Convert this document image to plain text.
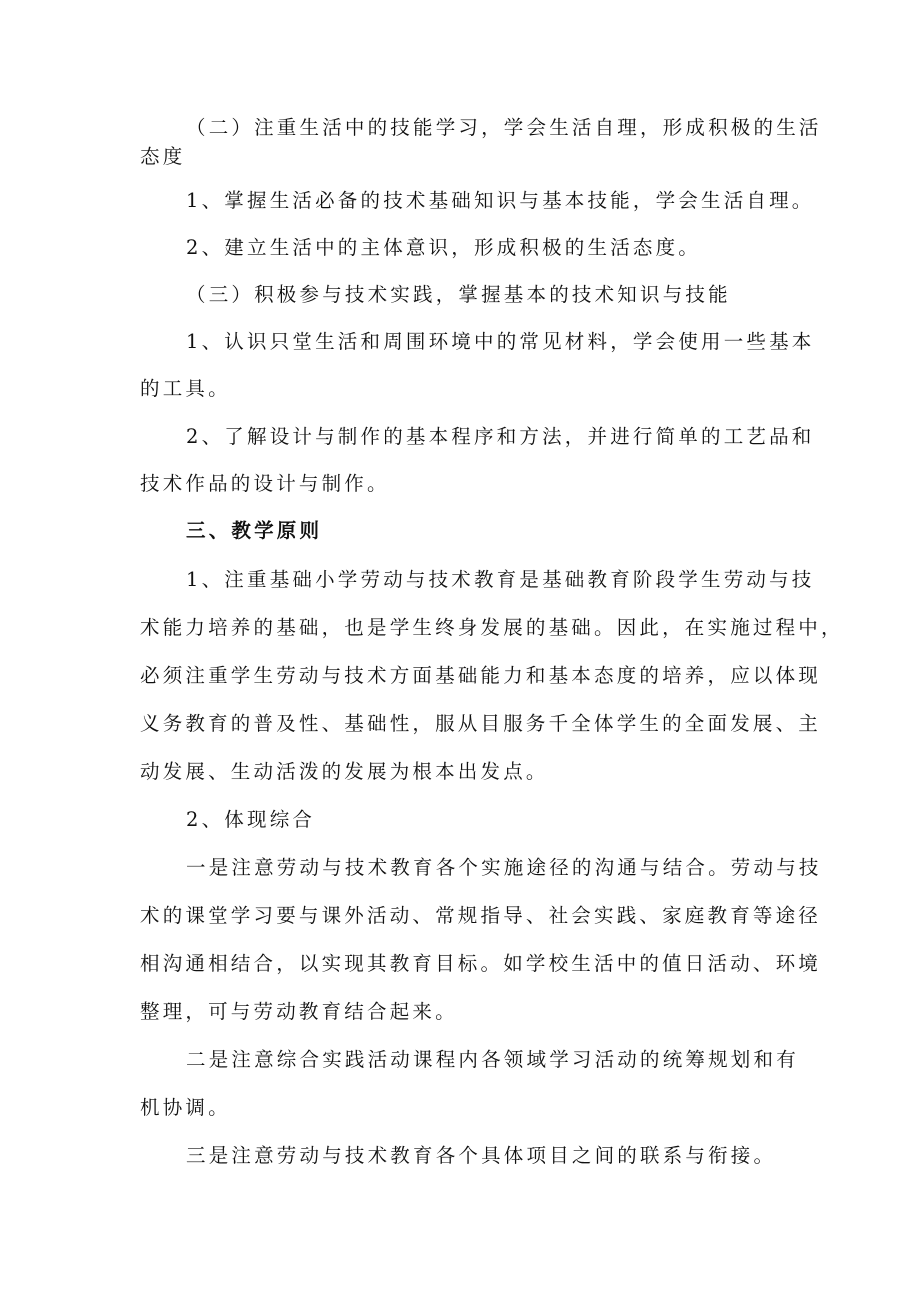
（二）注重生活中的技能学习，学会生活自理，形成积极的生活
态度
1、掌握生活必备的技术基础知识与基本技能，学会生活自理。
2、建立生活中的主体意识，形成积极的生活态度。
（三）积极参与技术实践，掌握基本的技术知识与技能
1、认识只堂生活和周围环境中的常见材料，学会使用一些基本
的工具。
2、了解设计与制作的基本程序和方法，并进行简单的工艺品和
技术作品的设计与制作。
三、教学原则
1、注重基础小学劳动与技术教育是基础教育阶段学生劳动与技
术能力培养的基础，也是学生终身发展的基础。因此，在实施过程中，
必须注重学生劳动与技术方面基础能力和基本态度的培养，应以体现
义务教育的普及性、基础性，服从目服务千全体学生的全面发展、主
动发展、生动活泼的发展为根本出发点。
2、体现综合
一是注意劳动与技术教育各个实施途径的沟通与结合。劳动与技
术的课堂学习要与课外活动、常规指导、社会实践、家庭教育等途径
相沟通相结合，以实现其教育目标。如学校生活中的值日活动、环境
整理，可与劳动教育结合起来。
二是注意综合实践活动课程内各领域学习活动的统筹规划和有
机协调。
三是注意劳动与技术教育各个具体项目之间的联系与衔接。
